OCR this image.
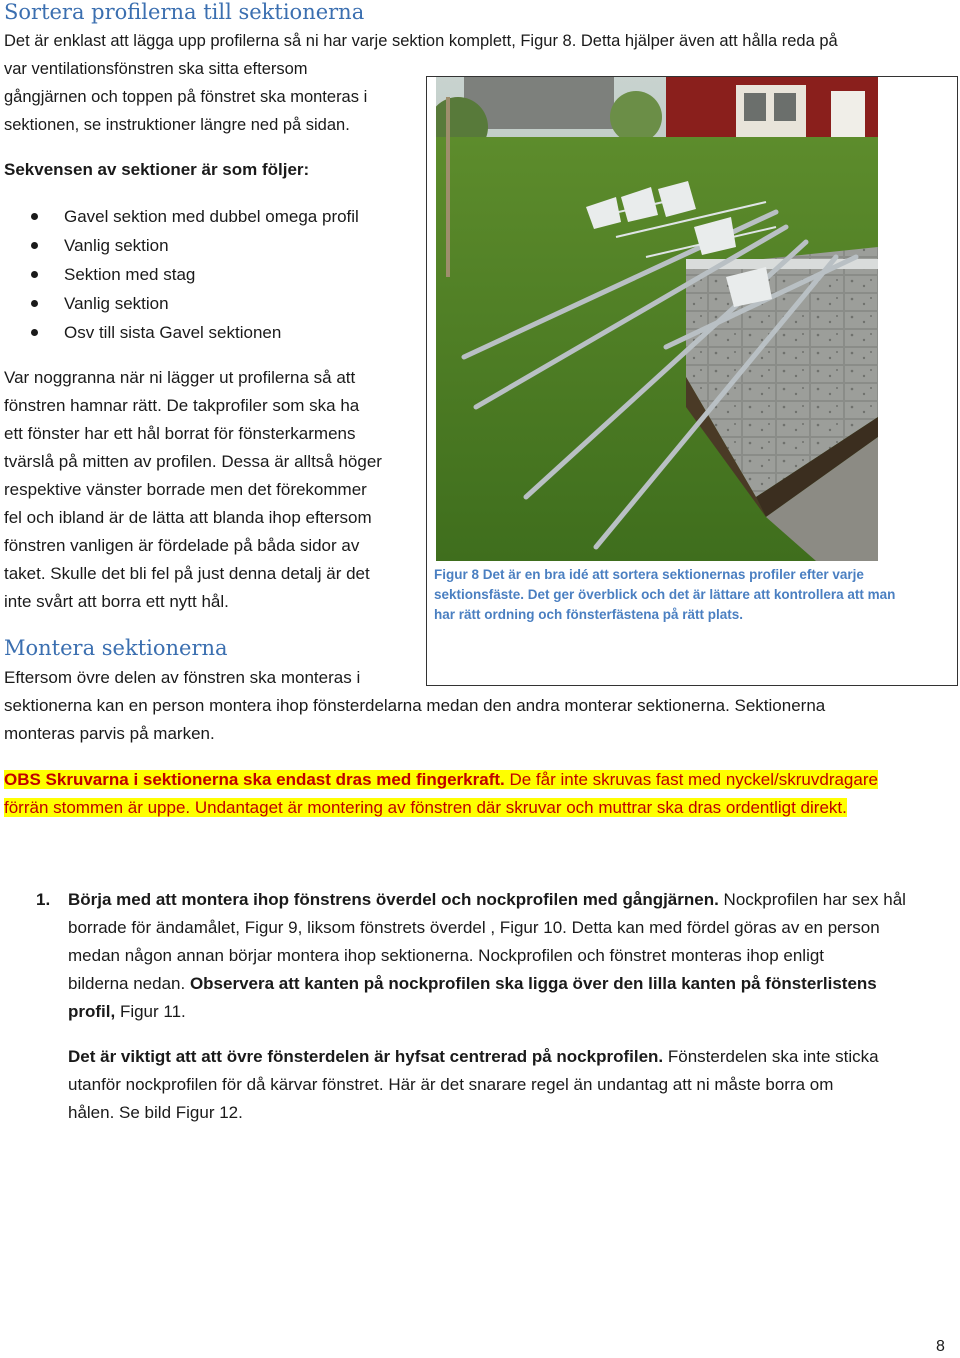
Sortera profilerna till sektionerna
Det är enklast att lägga upp profilerna så ni har varje sektion komplett, Figur 8. Detta hjälper även att hålla reda på
var ventilationsfönstren ska sitta eftersom
gångjärnen och toppen på fönstret ska monteras i
sektionen, se instruktioner längre ned på sidan.
Sekvensen av sektioner är som följer:
Gavel sektion med dubbel omega profil
Vanlig sektion
Sektion med stag
Vanlig sektion
Osv till sista Gavel sektionen
Var noggranna när ni lägger ut profilerna så att
fönstren hamnar rätt. De takprofiler som ska ha
ett fönster har ett hål borrat för fönsterkarmens
tvärslå på mitten av profilen. Dessa är alltså höger
respektive vänster borrade men det förekommer
fel och ibland är de lätta att blanda ihop eftersom
fönstren vanligen är fördelade på båda sidor av
taket. Skulle det bli fel på just denna detalj är det
inte svårt att borra ett nytt hål.
Figur 8 Det är en bra idé att sortera sektionernas profiler efter varje
sektionsfäste. Det ger överblick och det är lättare att kontrollera att man
har rätt ordning och fönsterfästena på rätt plats.
Montera sektionerna
Eftersom övre delen av fönstren ska monteras i
sektionerna kan en person montera ihop fönsterdelarna medan den andra monterar sektionerna. Sektionerna
monteras parvis på marken.
OBS Skruvarna i sektionerna ska endast dras med fingerkraft. De får inte skruvas fast med nyckel/skruvdragare
förrän stommen är uppe. Undantaget är montering av fönstren där skruvar och muttrar ska dras ordentligt direkt.
1. Börja med att montera ihop fönstrens överdel och nockprofilen med gångjärnen. Nockprofilen har sex hål
borrade för ändamålet, Figur 9, liksom fönstrets överdel , Figur 10. Detta kan med fördel göras av en person
medan någon annan börjar montera ihop sektionerna. Nockprofilen och fönstret monteras ihop enligt
bilderna nedan. Observera att kanten på nockprofilen ska ligga över den lilla kanten på fönsterlistens
profil, Figur 11.
Det är viktigt att att övre fönsterdelen är hyfsat centrerad på nockprofilen. Fönsterdelen ska inte sticka
utanför nockprofilen för då kärvar fönstret. Här är det snarare regel än undantag att ni måste borra om
hålen. Se bild Figur 12.
8
